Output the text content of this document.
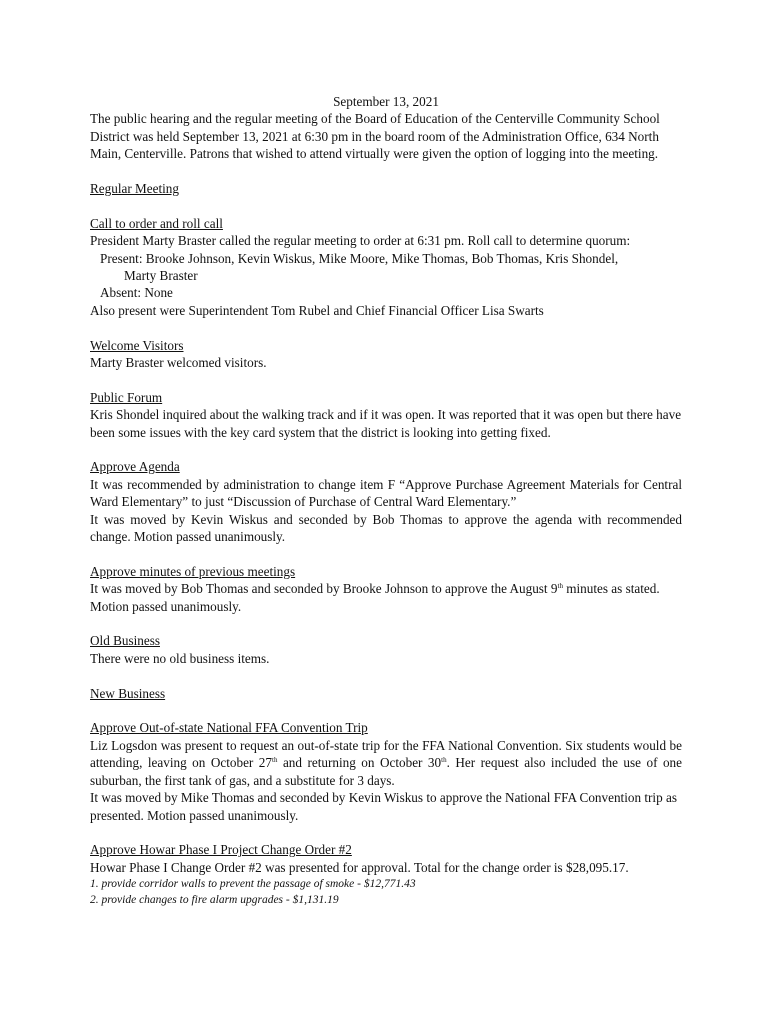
September 13, 2021

The public hearing and the regular meeting of the Board of Education of the Centerville Community School District was held September 13, 2021 at 6:30 pm in the board room of the Administration Office, 634 North Main, Centerville. Patrons that wished to attend virtually were given the option of logging into the meeting.

Regular Meeting

Call to order and roll call

President Marty Braster called the regular meeting to order at 6:31 pm. Roll call to determine quorum:

Present: Brooke Johnson, Kevin Wiskus, Mike Moore, Mike Thomas, Bob Thomas, Kris Shondel,

Marty Braster

Absent: None

Also present were Superintendent Tom Rubel and Chief Financial Officer Lisa Swarts

Welcome Visitors

Marty Braster welcomed visitors.

Public Forum

Kris Shondel inquired about the walking track and if it was open. It was reported that it was open but there have been some issues with the key card system that the district is looking into getting fixed.

Approve Agenda

It was recommended by administration to change item F “Approve Purchase Agreement Materials for Central Ward Elementary” to just “Discussion of Purchase of Central Ward Elementary.”

It was moved by Kevin Wiskus and seconded by Bob Thomas to approve the agenda with recommended change. Motion passed unanimously.

Approve minutes of previous meetings

It was moved by Bob Thomas and seconded by Brooke Johnson to approve the August 9th minutes as stated. Motion passed unanimously.

Old Business

There were no old business items.

New Business

Approve Out-of-state National FFA Convention Trip

Liz Logsdon was present to request an out-of-state trip for the FFA National Convention. Six students would be attending, leaving on October 27th and returning on October 30th. Her request also included the use of one suburban, the first tank of gas, and a substitute for 3 days.

It was moved by Mike Thomas and seconded by Kevin Wiskus to approve the National FFA Convention trip as presented. Motion passed unanimously.

Approve Howar Phase I Project Change Order #2

Howar Phase I Change Order #2 was presented for approval. Total for the change order is $28,095.17.

1. provide corridor walls to prevent the passage of smoke - $12,771.43

2. provide changes to fire alarm upgrades - $1,131.19
